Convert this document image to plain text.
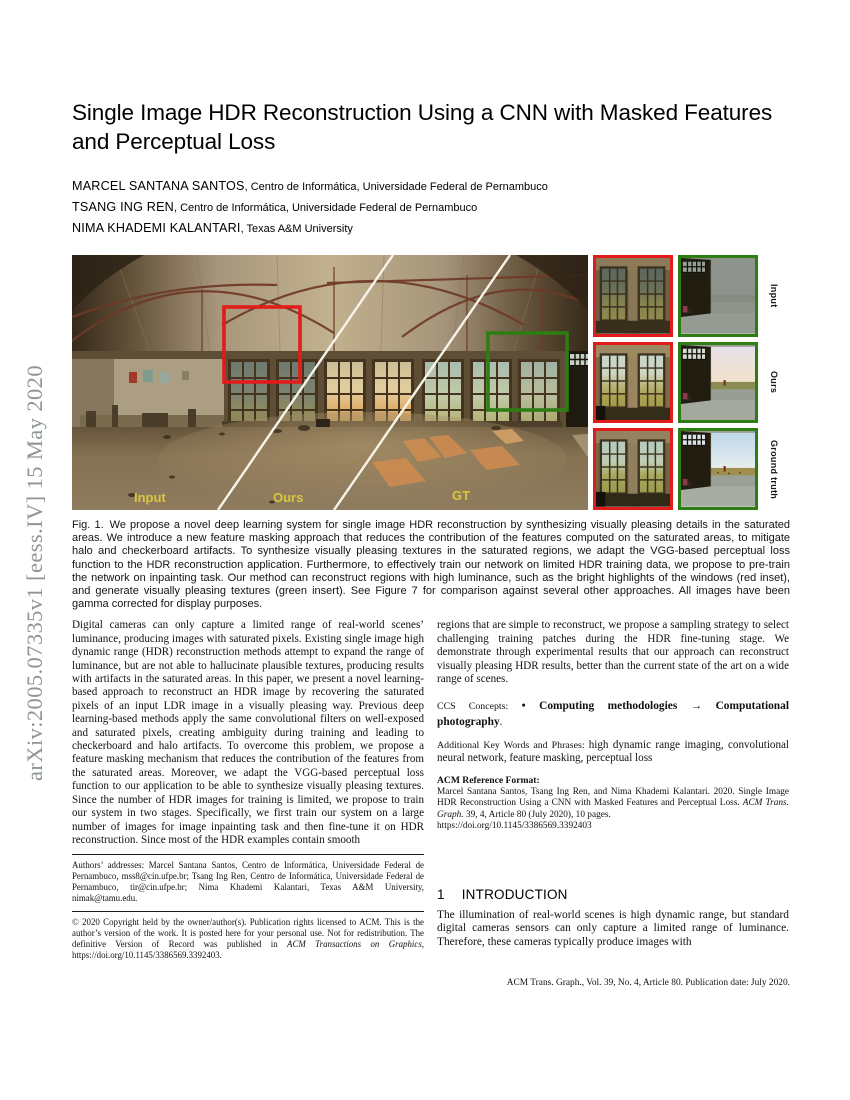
arXiv:2005.07335v1 [eess.IV] 15 May 2020
Single Image HDR Reconstruction Using a CNN with Masked Features
and Perceptual Loss
MARCEL SANTANA SANTOS, Centro de Informática, Universidade Federal de Pernambuco
TSANG ING REN, Centro de Informática, Universidade Federal de Pernambuco
NIMA KHADEMI KALANTARI, Texas A&M University
Input	Ours	GT
Input
Ours
Ground truth
Fig. 1. We propose a novel deep learning system for single image HDR reconstruction by synthesizing visually pleasing details in the saturated areas. We introduce a new feature masking approach that reduces the contribution of the features computed on the saturated areas, to mitigate halo and checkerboard artifacts. To synthesize visually pleasing textures in the saturated regions, we adapt the VGG-based perceptual loss function to the HDR reconstruction application. Furthermore, to effectively train our network on limited HDR training data, we propose to pre-train the network on inpainting task. Our method can reconstruct regions with high luminance, such as the bright highlights of the windows (red inset), and generate visually pleasing textures (green insert). See Figure 7 for comparison against several other approaches. All images have been gamma corrected for display purposes.
Digital cameras can only capture a limited range of real-world scenes’ luminance, producing images with saturated pixels. Existing single image high dynamic range (HDR) reconstruction methods attempt to expand the range of luminance, but are not able to hallucinate plausible textures, producing results with artifacts in the saturated areas. In this paper, we present a novel learning-based approach to reconstruct an HDR image by recovering the saturated pixels of an input LDR image in a visually pleasing way. Previous deep learning-based methods apply the same convolutional filters on well-exposed and saturated pixels, creating ambiguity during training and leading to checkerboard and halo artifacts. To overcome this problem, we propose a feature masking mechanism that reduces the contribution of the features from the saturated areas. Moreover, we adapt the VGG-based perceptual loss function to our application to be able to synthesize visually pleasing textures. Since the number of HDR images for training is limited, we propose to train our system in two stages. Specifically, we first train our system on a large number of images for image inpainting task and then fine-tune it on HDR reconstruction. Since most of the HDR examples contain smooth
Authors’ addresses: Marcel Santana Santos, Centro de Informática, Universidade Federal de Pernambuco, mss8@cin.ufpe.br; Tsang Ing Ren, Centro de Informática, Universidade Federal de Pernambuco, tir@cin.ufpe.br; Nima Khademi Kalantari, Texas A&M University, nimak@tamu.edu.
© 2020 Copyright held by the owner/author(s). Publication rights licensed to ACM. This is the author’s version of the work. It is posted here for your personal use. Not for redistribution. The definitive Version of Record was published in ACM Transactions on Graphics, https://doi.org/10.1145/3386569.3392403.
regions that are simple to reconstruct, we propose a sampling strategy to select challenging training patches during the HDR fine-tuning stage. We demonstrate through experimental results that our approach can reconstruct visually pleasing HDR results, better than the current state of the art on a wide range of scenes.
CCS Concepts: • Computing methodologies → Computational photography.
Additional Key Words and Phrases: high dynamic range imaging, convolutional neural network, feature masking, perceptual loss
ACM Reference Format:
Marcel Santana Santos, Tsang Ing Ren, and Nima Khademi Kalantari. 2020. Single Image HDR Reconstruction Using a CNN with Masked Features and Perceptual Loss. ACM Trans. Graph. 39, 4, Article 80 (July 2020), 10 pages.
https://doi.org/10.1145/3386569.3392403
1 INTRODUCTION
The illumination of real-world scenes is high dynamic range, but standard digital cameras sensors can only capture a limited range of luminance. Therefore, these cameras typically produce images with
ACM Trans. Graph., Vol. 39, No. 4, Article 80. Publication date: July 2020.
